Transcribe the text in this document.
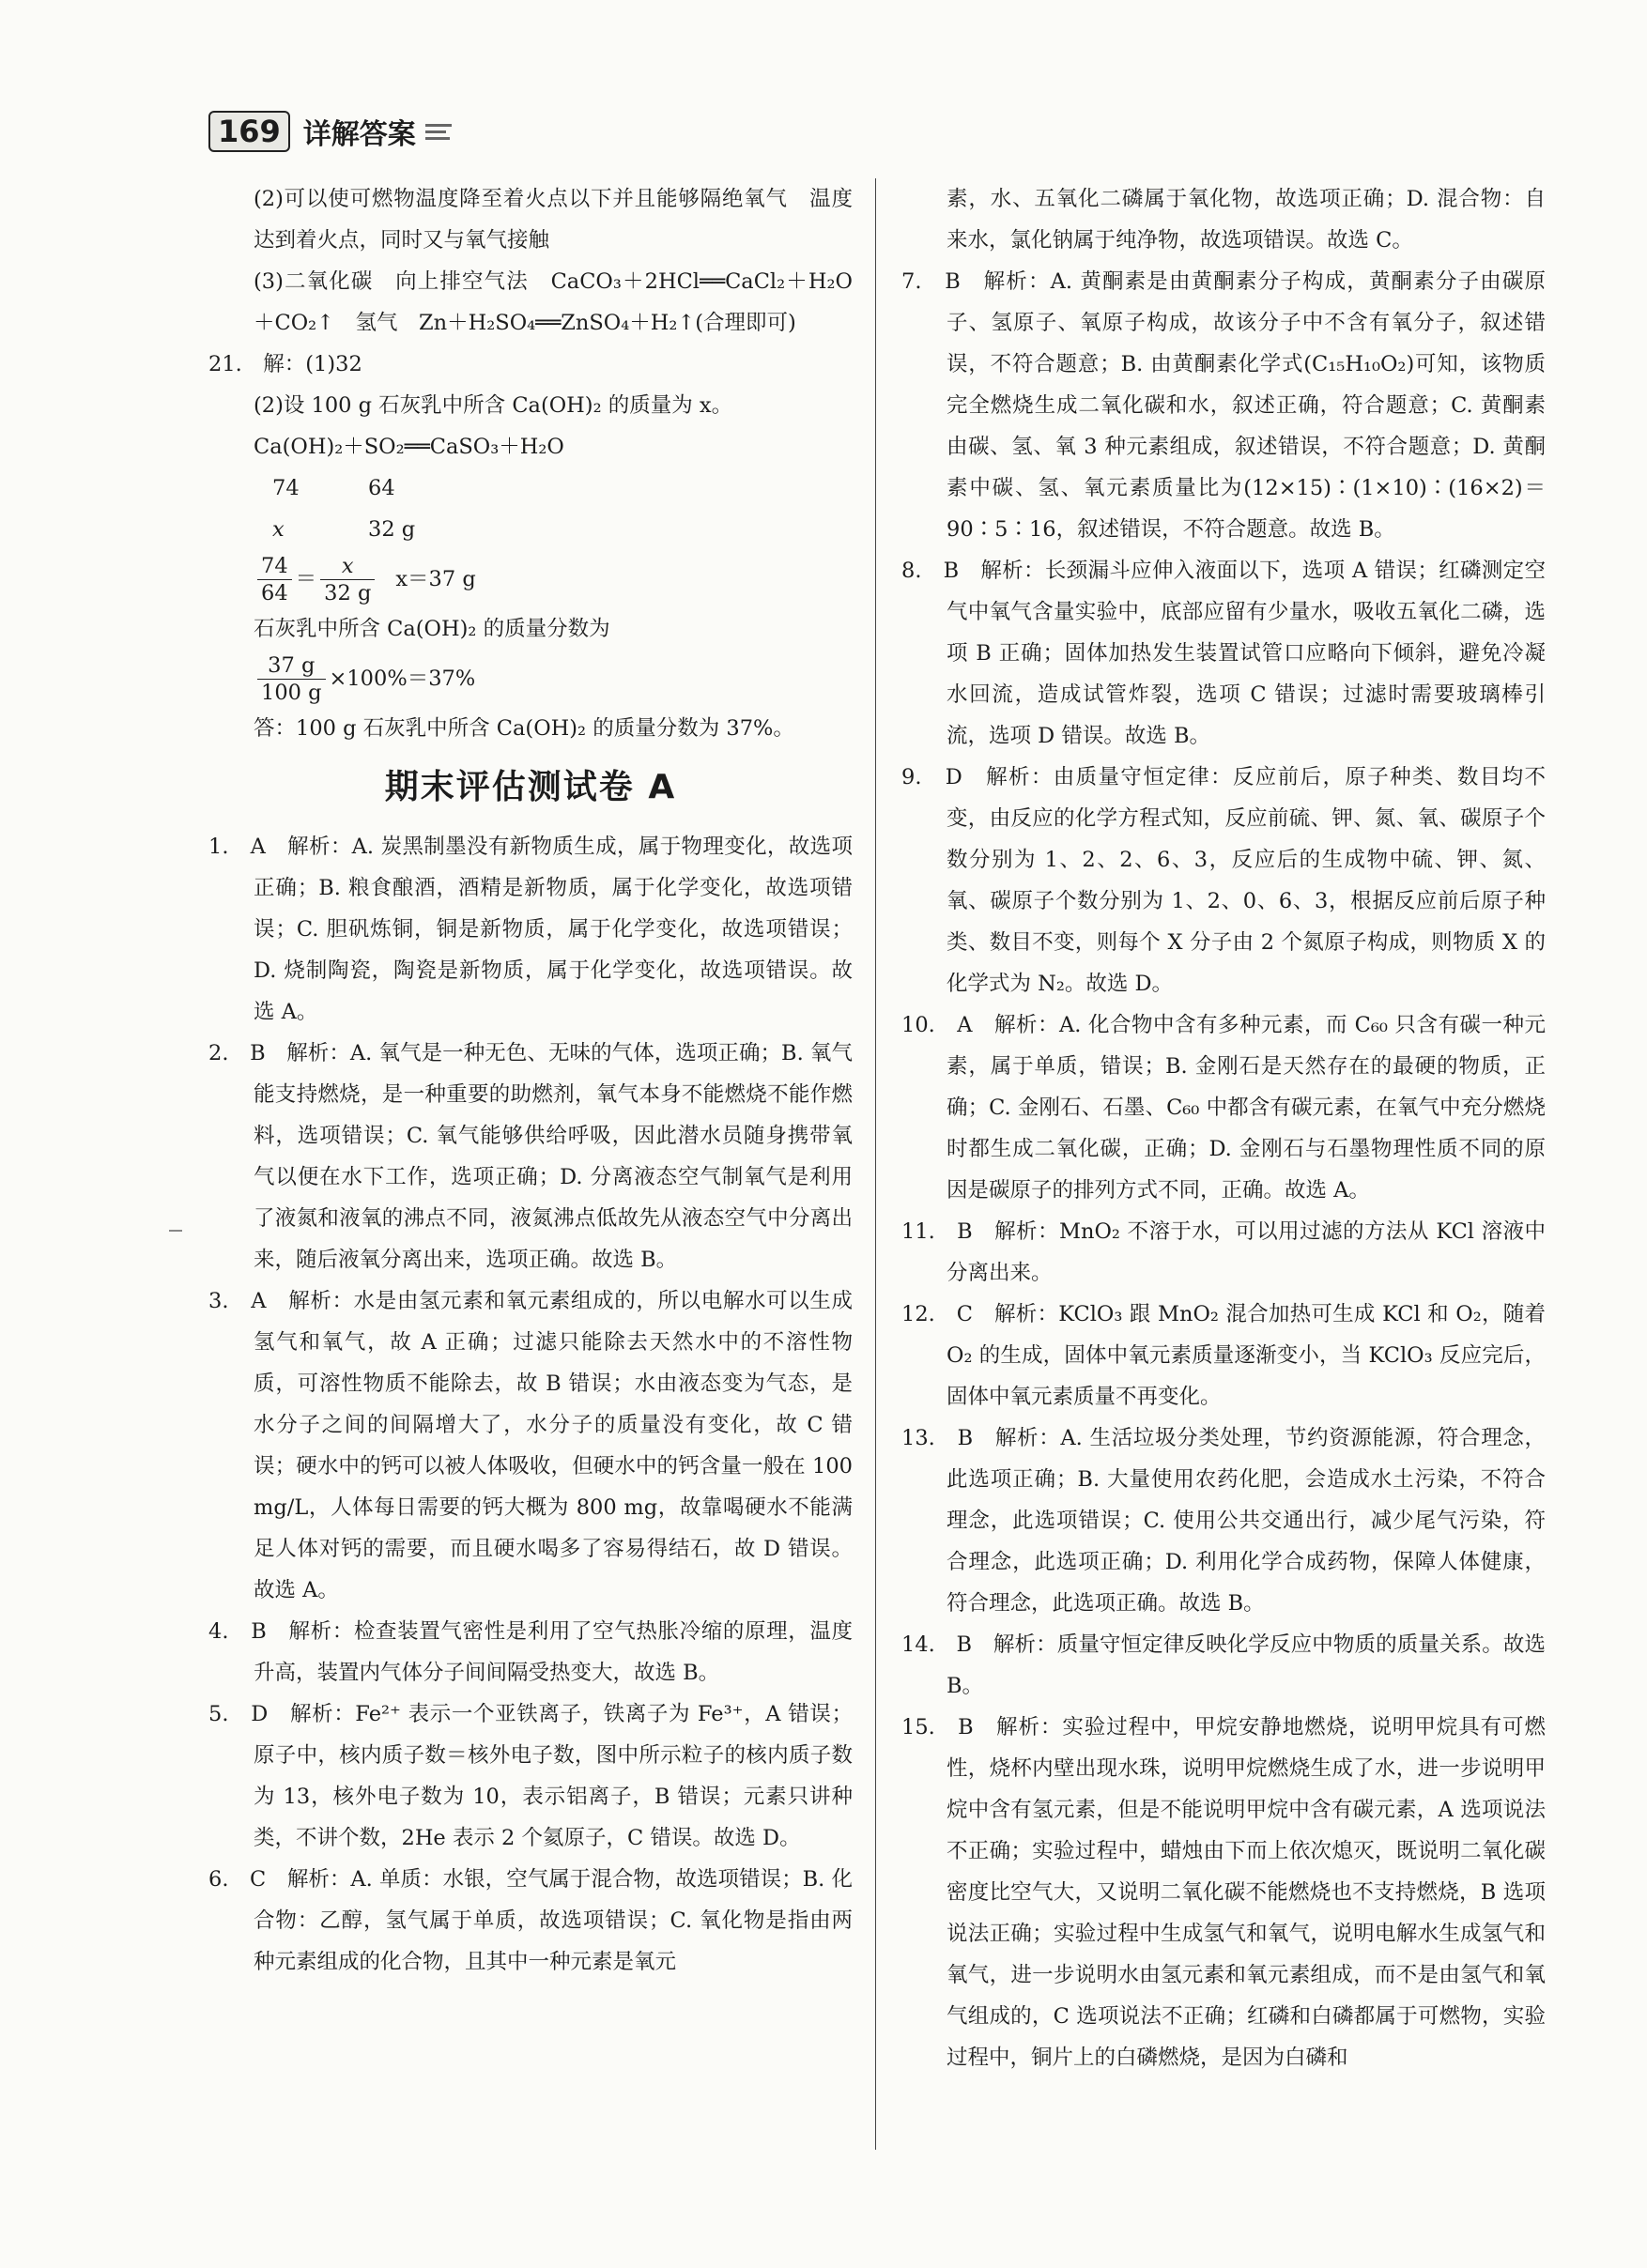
169 详解答案

(2)可以使可燃物温度降至着火点以下并且能够隔绝氧气　温度达到着火点，同时又与氧气接触

(3)二氧化碳　向上排空气法　CaCO₃＋2HCl══CaCl₂＋H₂O＋CO₂↑　氢气　Zn＋H₂SO₄══ZnSO₄＋H₂↑(合理即可)

21.　解：(1)32

(2)设 100 g 石灰乳中所含 Ca(OH)₂ 的质量为 x。

Ca(OH)₂＋SO₂══CaSO₃＋H₂O

74	64
x	32 g
$\frac{74}{64} = \frac{x}{32 g} x=37$ g

石灰乳中所含 Ca(OH)₂ 的质量分数为

$\frac{37 g}{100 g} \times 100\%=37\%$

答：100 g 石灰乳中所含 Ca(OH)₂ 的质量分数为 37%。

期末评估测试卷 A

1.　A　解析：A. 炭黑制墨没有新物质生成，属于物理变化，故选项正确；B. 粮食酿酒，酒精是新物质，属于化学变化，故选项错误；C. 胆矾炼铜，铜是新物质，属于化学变化，故选项错误；D. 烧制陶瓷，陶瓷是新物质，属于化学变化，故选项错误。故选 A。

2.　B　解析：A. 氧气是一种无色、无味的气体，选项正确；B. 氧气能支持燃烧，是一种重要的助燃剂，氧气本身不能燃烧不能作燃料，选项错误；C. 氧气能够供给呼吸，因此潜水员随身携带氧气以便在水下工作，选项正确；D. 分离液态空气制氧气是利用了液氮和液氧的沸点不同，液氮沸点低故先从液态空气中分离出来，随后液氧分离出来，选项正确。故选 B。

3.　A　解析：水是由氢元素和氧元素组成的，所以电解水可以生成氢气和氧气，故 A 正确；过滤只能除去天然水中的不溶性物质，可溶性物质不能除去，故 B 错误；水由液态变为气态，是水分子之间的间隔增大了，水分子的质量没有变化，故 C 错误；硬水中的钙可以被人体吸收，但硬水中的钙含量一般在 100 mg/L，人体每日需要的钙大概为 800 mg，故靠喝硬水不能满足人体对钙的需要，而且硬水喝多了容易得结石，故 D 错误。故选 A。

4.　B　解析：检查装置气密性是利用了空气热胀冷缩的原理，温度升高，装置内气体分子间间隔受热变大，故选 B。

5.　D　解析：Fe²⁺ 表示一个亚铁离子，铁离子为 Fe³⁺，A 错误；原子中，核内质子数＝核外电子数，图中所示粒子的核内质子数为 13，核外电子数为 10，表示铝离子，B 错误；元素只讲种类，不讲个数，2He 表示 2 个氦原子，C 错误。故选 D。

6.　C　解析：A. 单质：水银，空气属于混合物，故选项错误；B. 化合物：乙醇，氢气属于单质，故选项错误；C. 氧化物是指由两种元素组成的化合物，且其中一种元素是氧元

素，水、五氧化二磷属于氧化物，故选项正确；D. 混合物：自来水，氯化钠属于纯净物，故选项错误。故选 C。

7.　B　解析：A. 黄酮素是由黄酮素分子构成，黄酮素分子由碳原子、氢原子、氧原子构成，故该分子中不含有氧分子，叙述错误，不符合题意；B. 由黄酮素化学式(C₁₅H₁₀O₂)可知，该物质完全燃烧生成二氧化碳和水，叙述正确，符合题意；C. 黄酮素由碳、氢、氧 3 种元素组成，叙述错误，不符合题意；D. 黄酮素中碳、氢、氧元素质量比为(12×15)∶(1×10)∶(16×2)＝90∶5∶16，叙述错误，不符合题意。故选 B。

8.　B　解析：长颈漏斗应伸入液面以下，选项 A 错误；红磷测定空气中氧气含量实验中，底部应留有少量水，吸收五氧化二磷，选项 B 正确；固体加热发生装置试管口应略向下倾斜，避免冷凝水回流，造成试管炸裂，选项 C 错误；过滤时需要玻璃棒引流，选项 D 错误。故选 B。

9.　D　解析：由质量守恒定律：反应前后，原子种类、数目均不变，由反应的化学方程式知，反应前硫、钾、氮、氧、碳原子个数分别为 1、2、2、6、3，反应后的生成物中硫、钾、氮、氧、碳原子个数分别为 1、2、0、6、3，根据反应前后原子种类、数目不变，则每个 X 分子由 2 个氮原子构成，则物质 X 的化学式为 N₂。故选 D。

10.　A　解析：A. 化合物中含有多种元素，而 C₆₀ 只含有碳一种元素，属于单质，错误；B. 金刚石是天然存在的最硬的物质，正确；C. 金刚石、石墨、C₆₀ 中都含有碳元素，在氧气中充分燃烧时都生成二氧化碳，正确；D. 金刚石与石墨物理性质不同的原因是碳原子的排列方式不同，正确。故选 A。

11.　B　解析：MnO₂ 不溶于水，可以用过滤的方法从 KCl 溶液中分离出来。

12.　C　解析：KClO₃ 跟 MnO₂ 混合加热可生成 KCl 和 O₂，随着 O₂ 的生成，固体中氧元素质量逐渐变小，当 KClO₃ 反应完后，固体中氧元素质量不再变化。

13.　B　解析：A. 生活垃圾分类处理，节约资源能源，符合理念，此选项正确；B. 大量使用农药化肥，会造成水土污染，不符合理念，此选项错误；C. 使用公共交通出行，减少尾气污染，符合理念，此选项正确；D. 利用化学合成药物，保障人体健康，符合理念，此选项正确。故选 B。

14.　B　解析：质量守恒定律反映化学反应中物质的质量关系。故选 B。

15.　B　解析：实验过程中，甲烷安静地燃烧，说明甲烷具有可燃性，烧杯内壁出现水珠，说明甲烷燃烧生成了水，进一步说明甲烷中含有氢元素，但是不能说明甲烷中含有碳元素，A 选项说法不正确；实验过程中，蜡烛由下而上依次熄灭，既说明二氧化碳密度比空气大，又说明二氧化碳不能燃烧也不支持燃烧，B 选项说法正确；实验过程中生成氢气和氧气，说明电解水生成氢气和氧气，进一步说明水由氢元素和氧元素组成，而不是由氢气和氧气组成的，C 选项说法不正确；红磷和白磷都属于可燃物，实验过程中，铜片上的白磷燃烧，是因为白磷和
